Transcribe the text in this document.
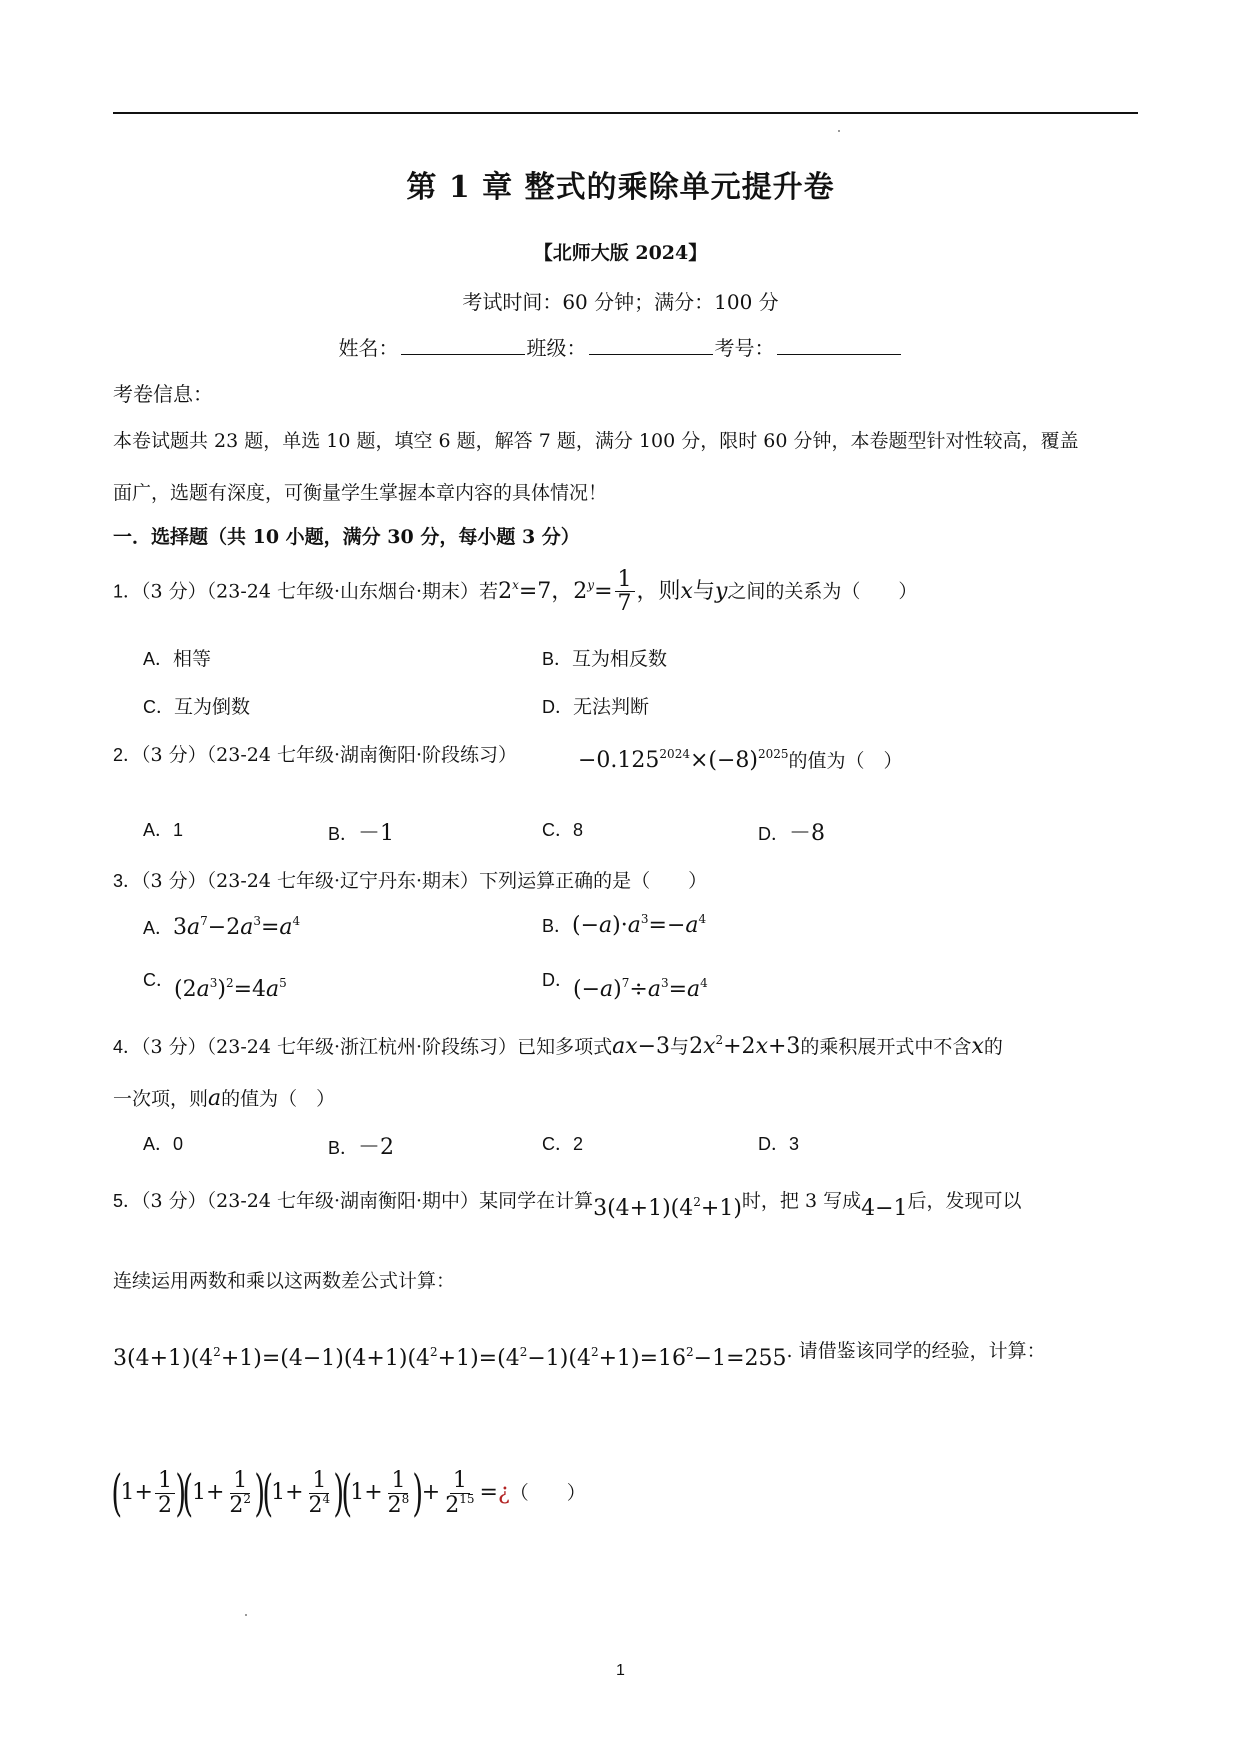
第 1 章 整式的乘除单元提升卷
【北师大版 2024】
考试时间：60 分钟；满分：100 分
姓名：	班级：	考号：
考卷信息：
本卷试题共 23 题，单选 10 题，填空 6 题，解答 7 题，满分 100 分，限时 60 分钟，本卷题型针对性较高，覆盖
面广，选题有深度，可衡量学生掌握本章内容的具体情况！
一．选择题（共 10 小题，满分 30 分，每小题 3 分）
1．（3 分）（23-24 七年级·山东烟台·期末）若$2^x=7$，$2^y= \frac{1}{7}$ ，则x与y之间的关系为（　　）
A．相等	B．互为相反数
C．互为倒数	D．无法判断
2．（3 分）（23-24 七年级·湖南衡阳·阶段练习）	$-0.125^{2024}\times(-8)^{2025}$的值为（　）
A．1	B．－1	C．8	D．－8
3．（3 分）（23-24 七年级·辽宁丹东·期末）下列运算正确的是（　　）
A．$3a^7-2a^3=a^4$	B．$(-a)\cdot a^3=-a^4$
C．$(2a^3)^2=4a^5$	D．$(-a)^7\div a^3=a^4$
4．（3 分）（23-24 七年级·浙江杭州·阶段练习）已知多项式ax−3与$2x^2+2x+3$的乘积展开式中不含x的
一次项，则a的值为（　）
A．0	B．－2	C．2	D．3
5．（3 分）（23-24 七年级·湖南衡阳·期中）某同学在计算$3(4+1)(4^2+1)$时，把 3 写成4−1后，发现可以
连续运用两数和乘以这两数差公式计算：
$3(4+1)(4^2+1)=(4-1)(4+1)(4^2+1)=(4^2-1)(4^2+1)=16^2-1=255$. 请借鉴该同学的经验，计算：
$(1+ \frac{1}{2} )(1+ \frac{1}{2^2} )(1+ \frac{1}{2^4} )(1+ \frac{1}{2^8}$ )+ $\frac{1}{2^{15}}$ =¿（　　）
1
